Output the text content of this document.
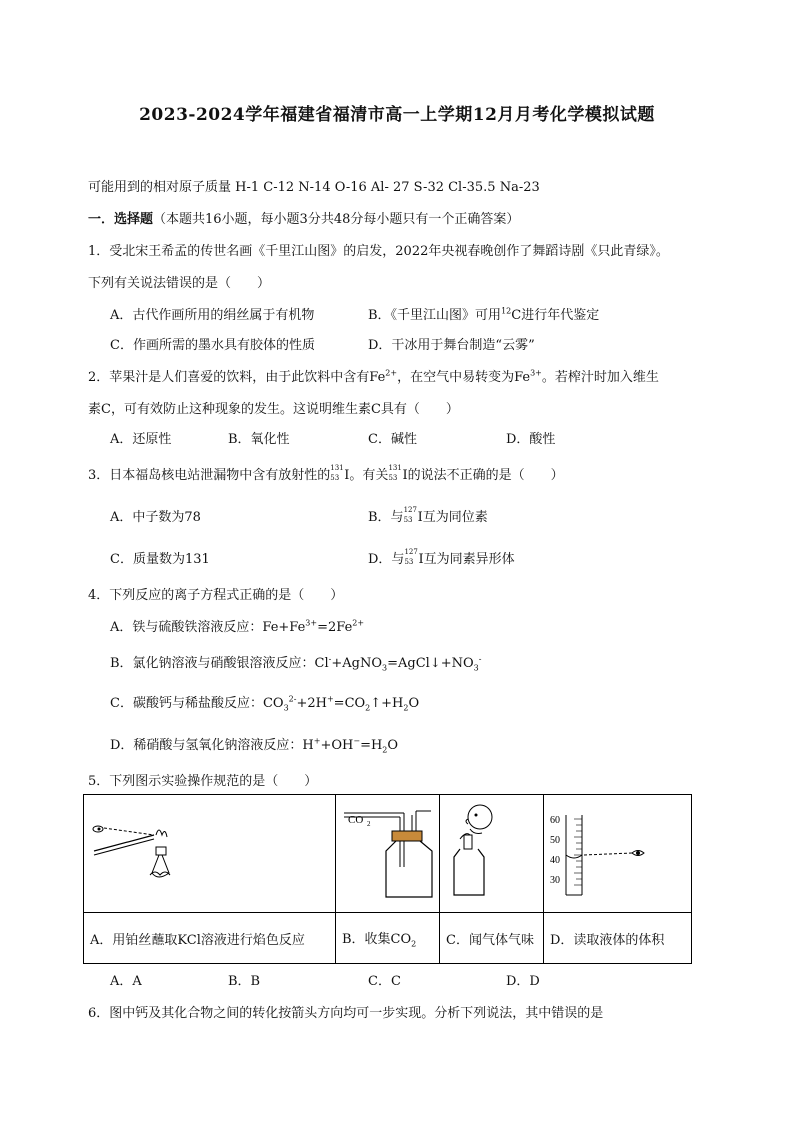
2023-2024学年福建省福清市高一上学期12月月考化学模拟试题
可能用到的相对原子质量 H-1 C-12 N-14 O-16 Al- 27 S-32 Cl-35.5 Na-23
一．选择题（本题共16小题，每小题3分共48分每小题只有一个正确答案）
1．受北宋王希孟的传世名画《千里江山图》的启发，2022年央视春晚创作了舞蹈诗剧《只此青绿》。
下列有关说法错误的是（　　）
A．古代作画所用的绢丝属于有机物	B．《千里江山图》可用$^{12}$C进行年代鉴定
C．作画所需的墨水具有胶体的性质	D．干冰用于舞台制造“云雾”
2．苹果汁是人们喜爱的饮料，由于此饮料中含有$Fe^{2+}$，在空气中易转变为$Fe^{3+}$。若榨汁时加入维生
素C，可有效防止这种现象的发生。这说明维生素C具有（　　）
A．还原性	B．氧化性	C．碱性	D．酸性
3．日本福岛核电站泄漏物中含有放射性的
131
53 I。有关
131
53 I的说法不正确的是（　　）
A．中子数为78	B．与
127
53 I互为同位素
C．质量数为131	D．与
127
53 I互为同素异形体
4．下列反应的离子方程式正确的是（　　）
A．铁与硫酸铁溶液反应：$Fe+Fe^{3+}=2Fe^{2+}$
B．氯化钠溶液与硝酸银溶液反应：$Cl^-+AgNO_3=AgCl↓+NO_3^-$
C．碳酸钙与稀盐酸反应：$CO_3^{2-}+2H^+=CO_2↑+H_2O$
D．稀硝酸与氢氧化钠溶液反应：$H^++OH^-=H_2O$
5．下列图示实验操作规范的是（　　）

CO 2		60
50
40
30

A．用铂丝蘸取KCl溶液进行焰色反应	B．收集$CO_2$	C．闻气体气味	D．读取液体的体积
A．A	B．B	C．C	D．D
6．图中钙及其化合物之间的转化按箭头方向均可一步实现。分析下列说法，其中错误的是
